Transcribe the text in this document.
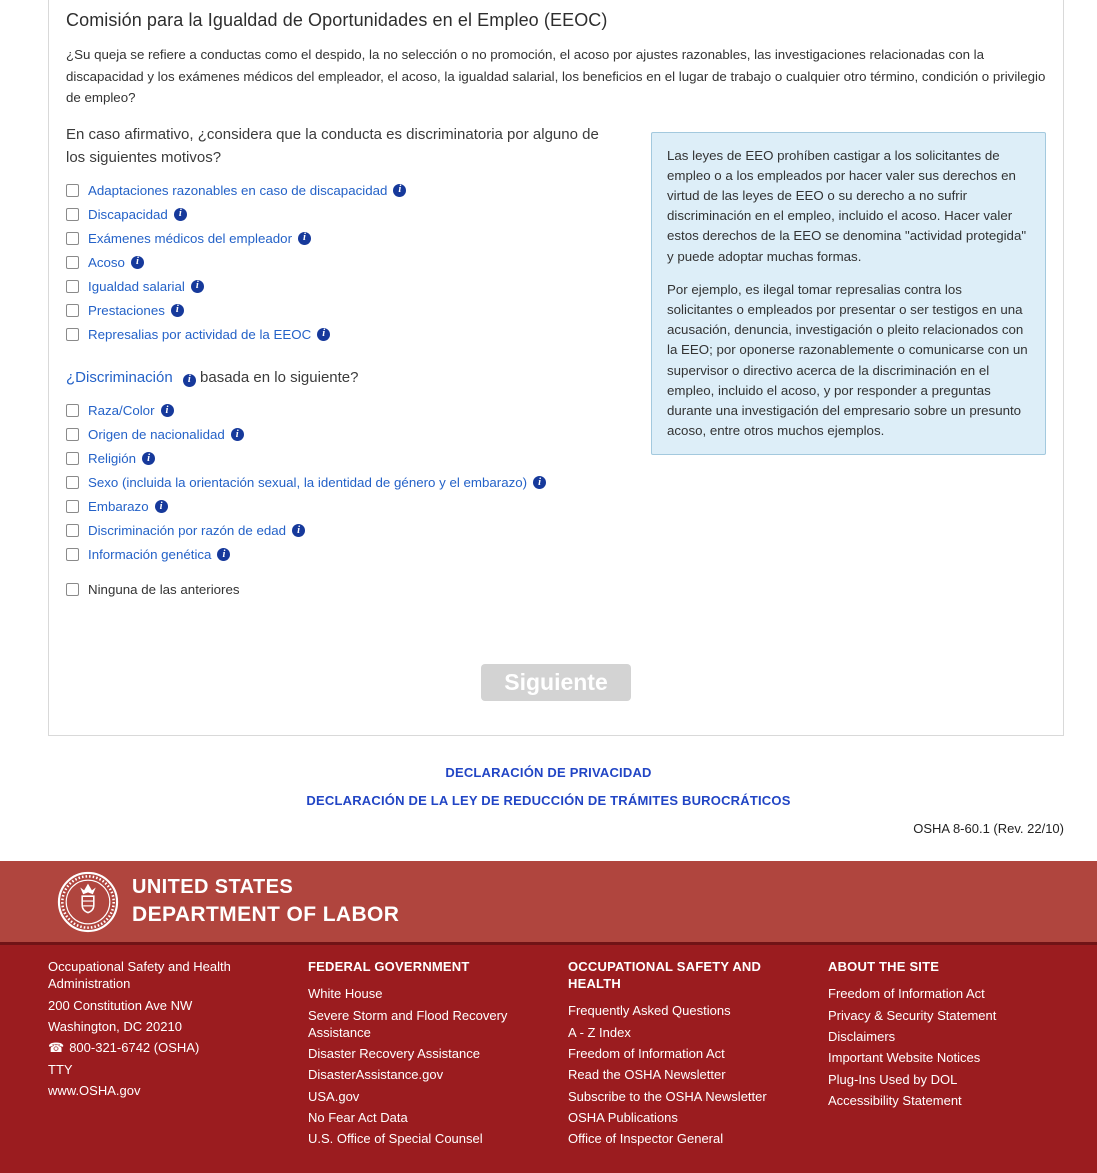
Comisión para la Igualdad de Oportunidades en el Empleo (EEOC)

¿Su queja se refiere a conductas como el despido, la no selección o no promoción, el acoso por ajustes razonables, las investigaciones relacionadas con la discapacidad y los exámenes médicos del empleador, el acoso, la igualdad salarial, los beneficios en el lugar de trabajo o cualquier otro término, condición o privilegio de empleo?

En caso afirmativo, ¿considera que la conducta es discriminatoria por alguno de los siguientes motivos?

Adaptaciones razonables en caso de discapacidad	i
Discapacidad	i
Exámenes médicos del empleador	i
Acoso	i
Igualdad salarial	i
Prestaciones	i
Represalias por actividad de la EEOC	i

¿Discriminación i basada en lo siguiente?

Raza/Color	i
Origen de nacionalidad	i
Religión	i
Sexo (incluida la orientación sexual, la identidad de género y el embarazo)	i
Embarazo	i
Discriminación por razón de edad	i
Información genética	i
Ninguna de las anteriores

Las leyes de EEO prohíben castigar a los solicitantes de empleo o a los empleados por hacer valer sus derechos en virtud de las leyes de EEO o su derecho a no sufrir discriminación en el empleo, incluido el acoso. Hacer valer estos derechos de la EEO se denomina "actividad protegida" y puede adoptar muchas formas.

Por ejemplo, es ilegal tomar represalias contra los solicitantes o empleados por presentar o ser testigos en una acusación, denuncia, investigación o pleito relacionados con la EEO; por oponerse razonablemente o comunicarse con un supervisor o directivo acerca de la discriminación en el empleo, incluido el acoso, y por responder a preguntas durante una investigación del empresario sobre un presunto acoso, entre otros muchos ejemplos.

Siguiente
DECLARACIÓN DE PRIVACIDAD
DECLARACIÓN DE LA LEY DE REDUCCIÓN DE TRÁMITES BUROCRÁTICOS
OSHA 8-60.1 (Rev. 22/10)
UNITED STATES
DEPARTMENT OF LABOR
Occupational Safety and Health Administration
200 Constitution Ave NW
Washington, DC 20210
☎ 800-321-6742 (OSHA)
TTY
www.OSHA.gov
FEDERAL GOVERNMENT
White House
Severe Storm and Flood Recovery Assistance
Disaster Recovery Assistance
DisasterAssistance.gov
USA.gov
No Fear Act Data
U.S. Office of Special Counsel
OCCUPATIONAL SAFETY AND HEALTH
Frequently Asked Questions
A - Z Index
Freedom of Information Act
Read the OSHA Newsletter
Subscribe to the OSHA Newsletter
OSHA Publications
Office of Inspector General
ABOUT THE SITE
Freedom of Information Act
Privacy & Security Statement
Disclaimers
Important Website Notices
Plug-Ins Used by DOL
Accessibility Statement
